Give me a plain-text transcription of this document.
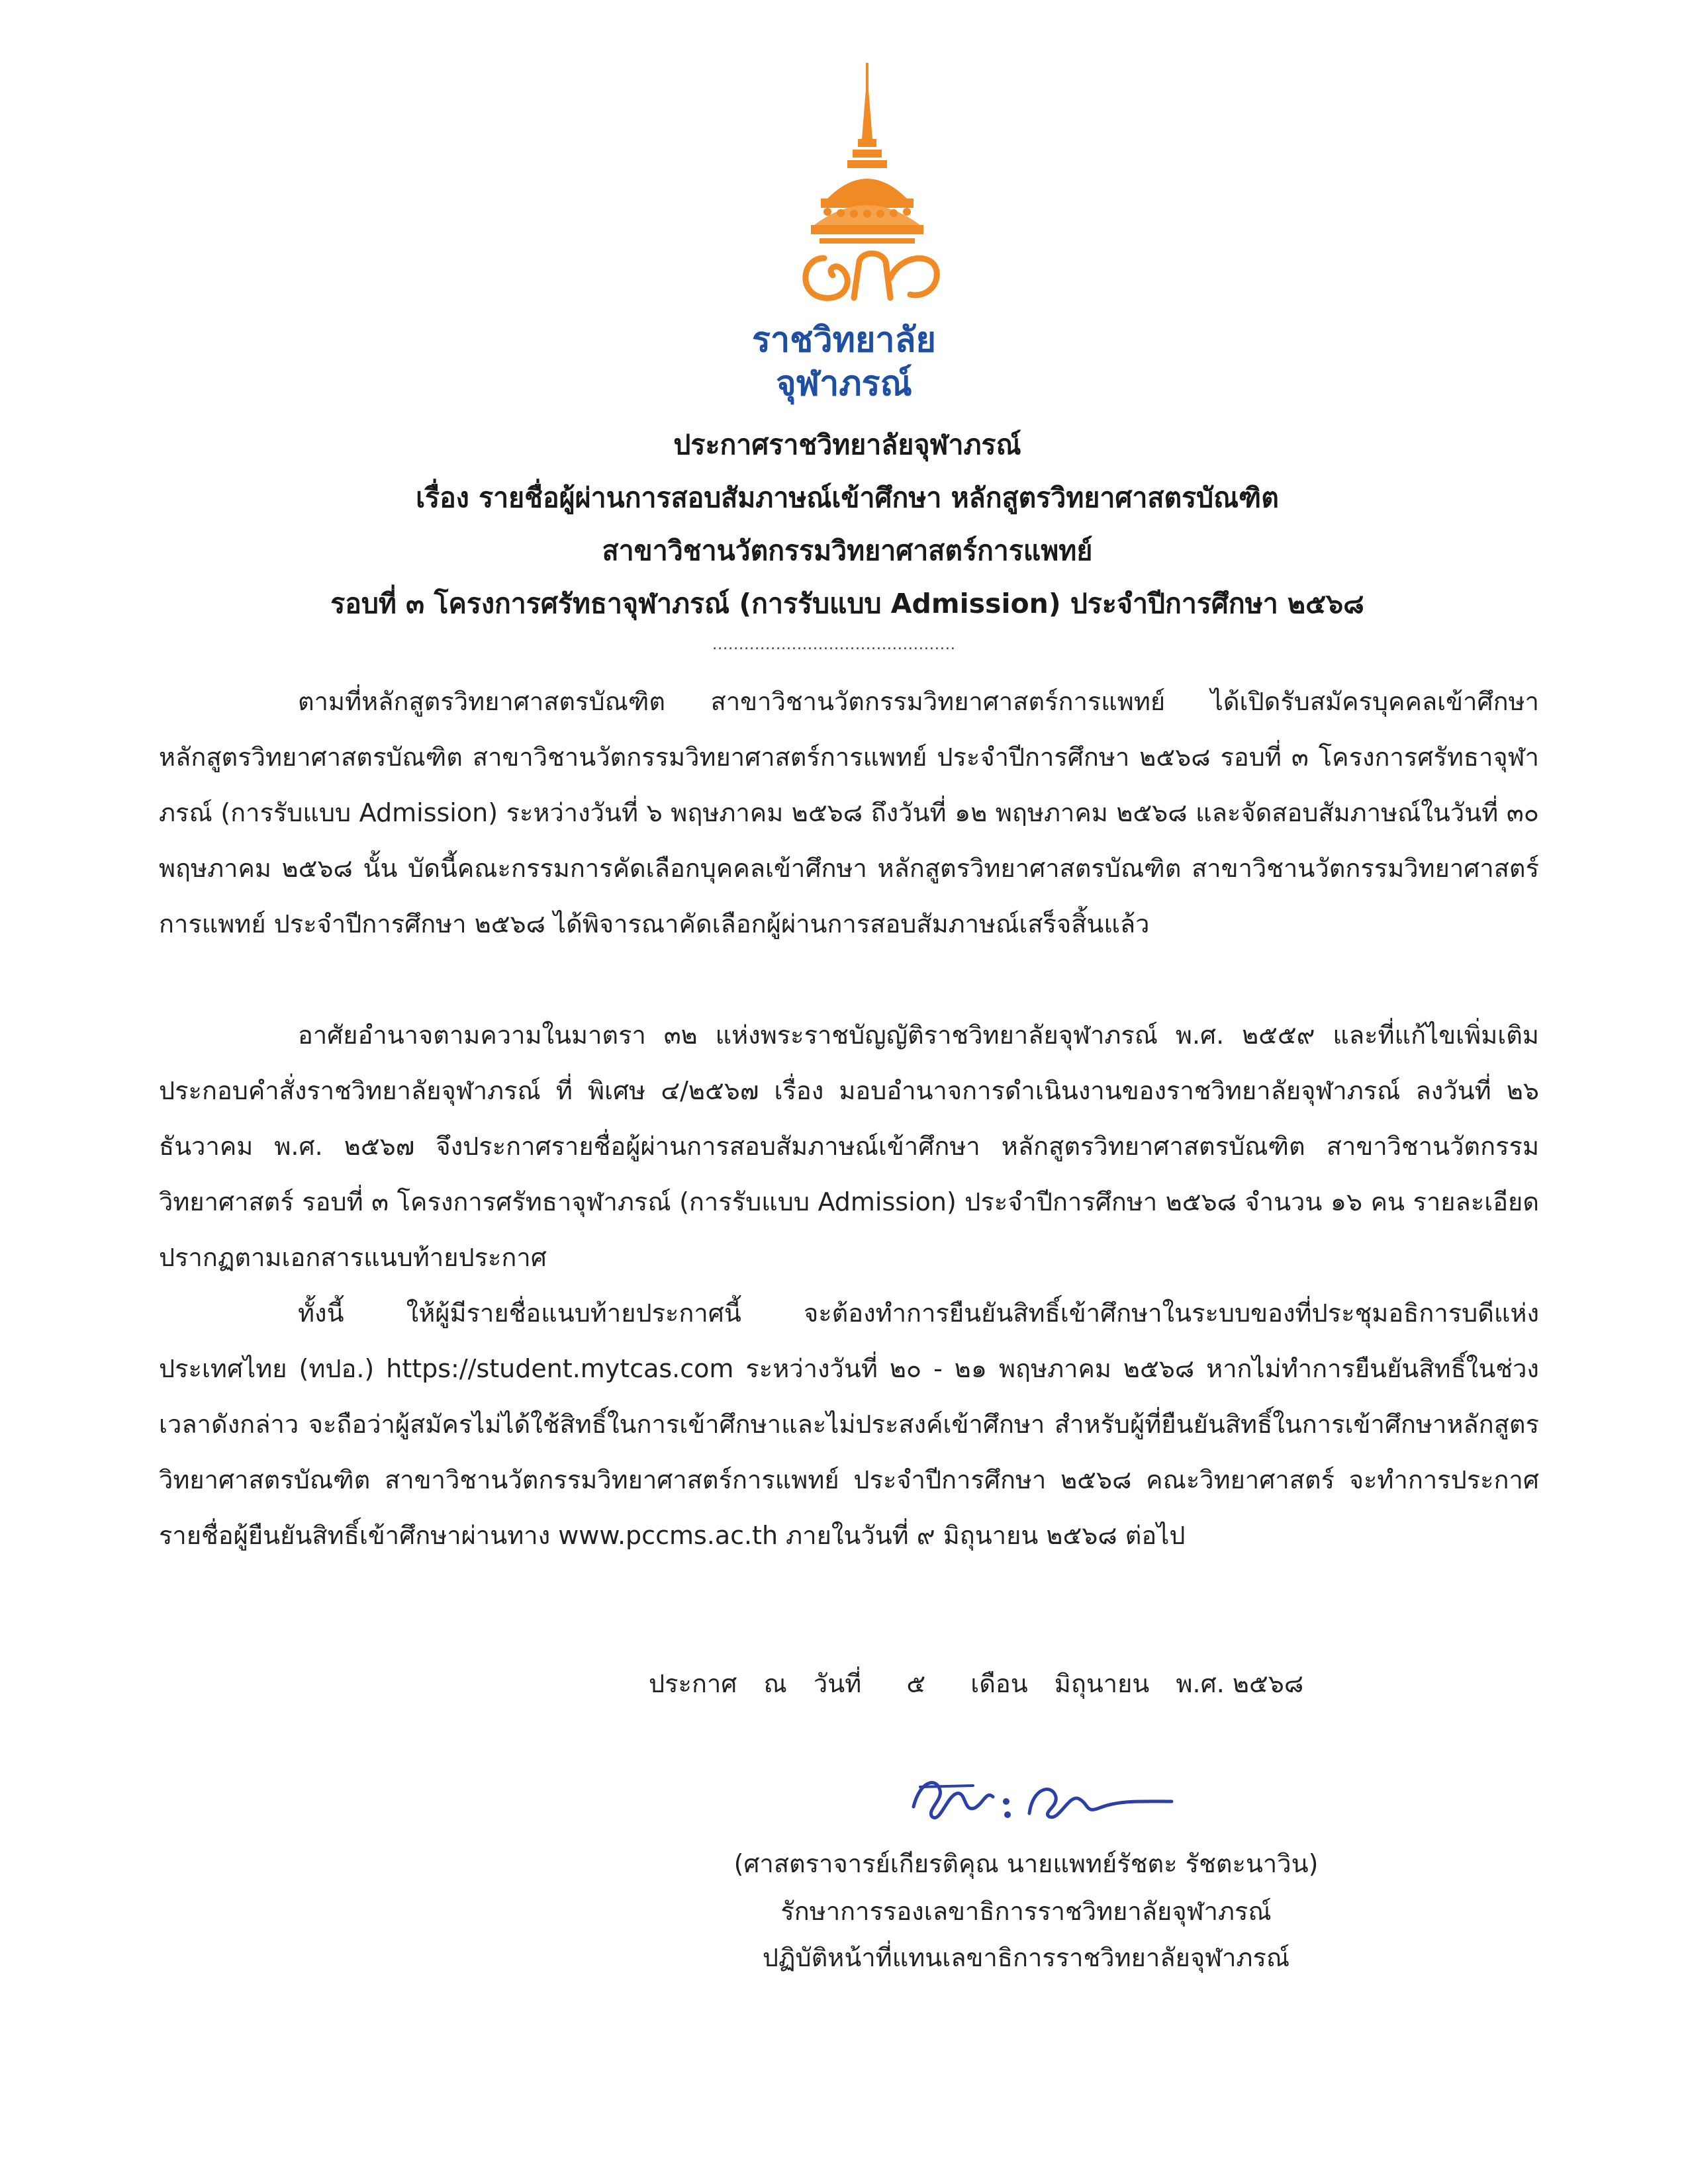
ราชวิทยาลัย
จุฬาภรณ์
ประกาศราชวิทยาลัยจุฬาภรณ์
เรื่อง รายชื่อผู้ผ่านการสอบสัมภาษณ์เข้าศึกษา หลักสูตรวิทยาศาสตรบัณฑิต
สาขาวิชานวัตกรรมวิทยาศาสตร์การแพทย์
รอบที่ ๓ โครงการศรัทธาจุฬาภรณ์ (การรับแบบ Admission) ประจำปีการศึกษา ๒๕๖๘
..............................................
ตามที่หลักสูตรวิทยาศาสตรบัณฑิต สาขาวิชานวัตกรรมวิทยาศาสตร์การแพทย์ ได้เปิดรับสมัครบุคคลเข้าศึกษา หลักสูตรวิทยาศาสตรบัณฑิต สาขาวิชานวัตกรรมวิทยาศาสตร์การแพทย์ ประจำปีการศึกษา ๒๕๖๘ รอบที่ ๓ โครงการศรัทธาจุฬาภรณ์ (การรับแบบ Admission) ระหว่างวันที่ ๖ พฤษภาคม ๒๕๖๘ ถึงวันที่ ๑๒ พฤษภาคม ๒๕๖๘ และจัดสอบสัมภาษณ์ในวันที่ ๓๐ พฤษภาคม ๒๕๖๘ นั้น บัดนี้คณะกรรมการคัดเลือกบุคคลเข้าศึกษา หลักสูตรวิทยาศาสตรบัณฑิต สาขาวิชานวัตกรรมวิทยาศาสตร์การแพทย์ ประจำปีการศึกษา ๒๕๖๘ ได้พิจารณาคัดเลือกผู้ผ่านการสอบสัมภาษณ์เสร็จสิ้นแล้ว
อาศัยอำนาจตามความในมาตรา ๓๒ แห่งพระราชบัญญัติราชวิทยาลัยจุฬาภรณ์ พ.ศ. ๒๕๕๙ และที่แก้ไขเพิ่มเติม ประกอบคำสั่งราชวิทยาลัยจุฬาภรณ์ ที่ พิเศษ ๔/๒๕๖๗ เรื่อง มอบอำนาจการดำเนินงานของราชวิทยาลัยจุฬาภรณ์ ลงวันที่ ๒๖ ธันวาคม พ.ศ. ๒๕๖๗ จึงประกาศรายชื่อผู้ผ่านการสอบสัมภาษณ์เข้าศึกษา หลักสูตรวิทยาศาสตรบัณฑิต สาขาวิชานวัตกรรมวิทยาศาสตร์ รอบที่ ๓ โครงการศรัทธาจุฬาภรณ์ (การรับแบบ Admission) ประจำปีการศึกษา ๒๕๖๘ จำนวน ๑๖ คน รายละเอียดปรากฏตามเอกสารแนบท้ายประกาศ
ทั้งนี้ ให้ผู้มีรายชื่อแนบท้ายประกาศนี้ จะต้องทำการยืนยันสิทธิ์เข้าศึกษาในระบบของที่ประชุมอธิการบดีแห่งประเทศไทย (ทปอ.) https://student.mytcas.com ระหว่างวันที่ ๒๐ - ๒๑ พฤษภาคม ๒๕๖๘ หากไม่ทำการยืนยันสิทธิ์ในช่วงเวลาดังกล่าว จะถือว่าผู้สมัครไม่ได้ใช้สิทธิ์ในการเข้าศึกษาและไม่ประสงค์เข้าศึกษา สำหรับผู้ที่ยืนยันสิทธิ์ในการเข้าศึกษาหลักสูตรวิทยาศาสตรบัณฑิต สาขาวิชานวัตกรรมวิทยาศาสตร์การแพทย์ ประจำปีการศึกษา ๒๕๖๘ คณะวิทยาศาสตร์ จะทำการประกาศรายชื่อผู้ยืนยันสิทธิ์เข้าศึกษาผ่านทาง www.pccms.ac.th ภายในวันที่ ๙ มิถุนายน ๒๕๖๘ ต่อไป
ประกาศ ณ วันที่ ๕ เดือน มิถุนายน พ.ศ. ๒๕๖๘
(ศาสตราจารย์เกียรติคุณ นายแพทย์รัชตะ รัชตะนาวิน)
รักษาการรองเลขาธิการราชวิทยาลัยจุฬาภรณ์
ปฏิบัติหน้าที่แทนเลขาธิการราชวิทยาลัยจุฬาภรณ์
